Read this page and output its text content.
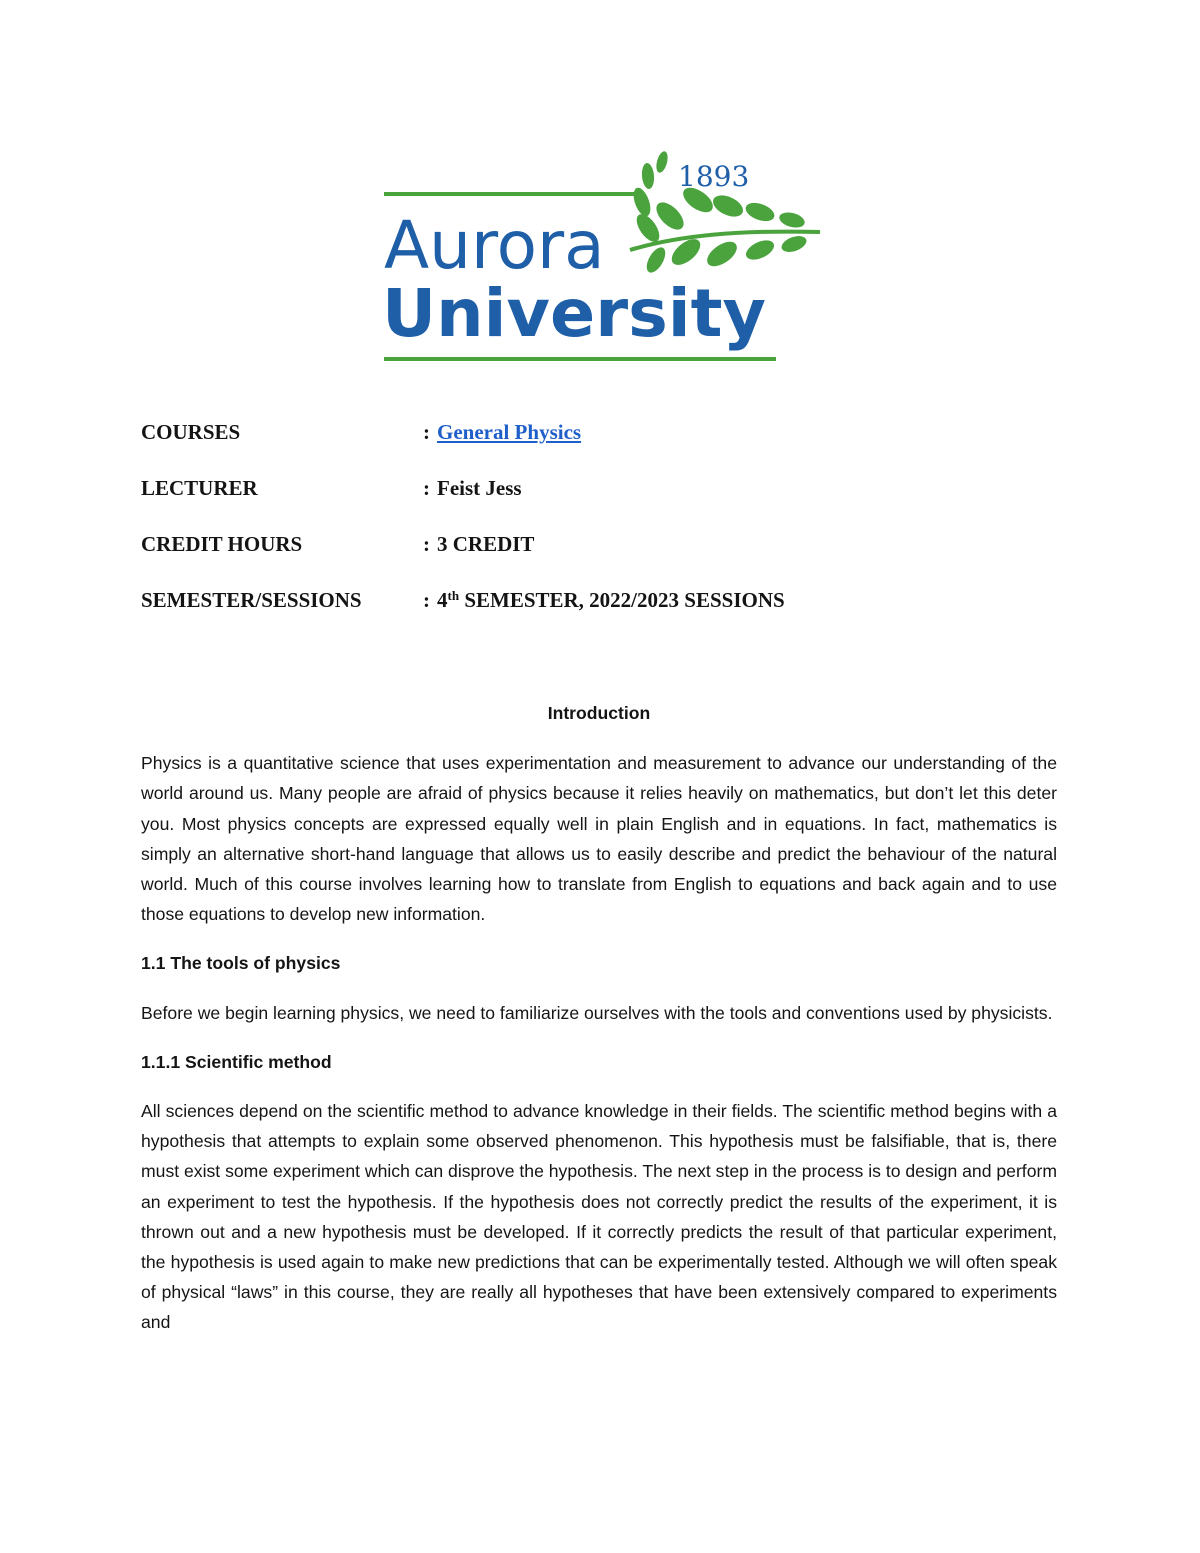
1893
Aurora
University
COURSES	: General Physics
LECTURER	: Feist Jess
CREDIT HOURS	: 3 CREDIT
SEMESTER/SESSIONS	: 4th SEMESTER, 2022/2023 SESSIONS

Introduction

Physics is a quantitative science that uses experimentation and measurement to advance our understanding of the world around us. Many people are afraid of physics because it relies heavily on mathematics, but don’t let this deter you. Most physics concepts are expressed equally well in plain English and in equations. In fact, mathematics is simply an alternative short-hand language that allows us to easily describe and predict the behaviour of the natural world. Much of this course involves learning how to translate from English to equations and back again and to use those equations to develop new information.

1.1 The tools of physics

Before we begin learning physics, we need to familiarize ourselves with the tools and conventions used by physicists.

1.1.1 Scientific method

All sciences depend on the scientific method to advance knowledge in their fields. The scientific method begins with a hypothesis that attempts to explain some observed phenomenon. This hypothesis must be falsifiable, that is, there must exist some experiment which can disprove the hypothesis. The next step in the process is to design and perform an experiment to test the hypothesis. If the hypothesis does not correctly predict the results of the experiment, it is thrown out and a new hypothesis must be developed. If it correctly predicts the result of that particular experiment, the hypothesis is used again to make new predictions that can be experimentally tested. Although we will often speak of physical “laws” in this course, they are really all hypotheses that have been extensively compared to experiments and
